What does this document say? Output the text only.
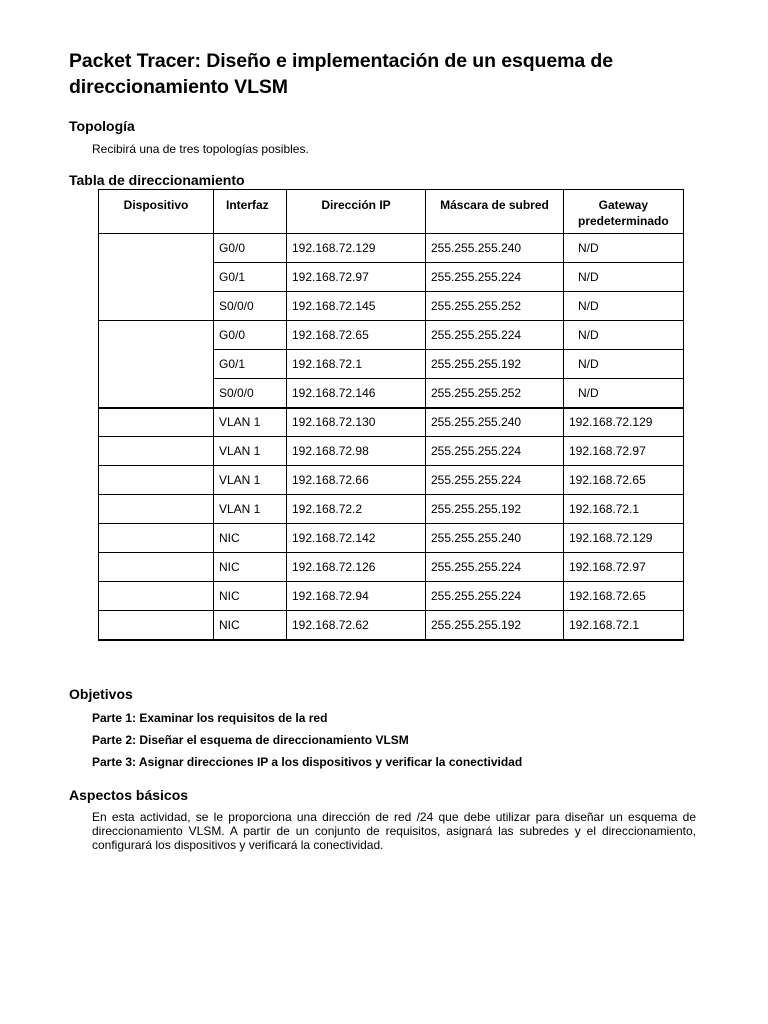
Packet Tracer: Diseño e implementación de un esquema de direccionamiento VLSM
Topología

Recibirá una de tres topologías posibles.

Tabla de direccionamiento
Dispositivo	Interfaz	Dirección IP	Máscara de subred	Gateway predeterminado
	G0/0	192.168.72.129	255.255.255.240	N/D
	G0/1	192.168.72.97	255.255.255.224	N/D
	S0/0/0	192.168.72.145	255.255.255.252	N/D
	G0/0	192.168.72.65	255.255.255.224	N/D
	G0/1	192.168.72.1	255.255.255.192	N/D
	S0/0/0	192.168.72.146	255.255.255.252	N/D
	VLAN 1	192.168.72.130	255.255.255.240	192.168.72.129
	VLAN 1	192.168.72.98	255.255.255.224	192.168.72.97
	VLAN 1	192.168.72.66	255.255.255.224	192.168.72.65
	VLAN 1	192.168.72.2	255.255.255.192	192.168.72.1
	NIC	192.168.72.142	255.255.255.240	192.168.72.129
	NIC	192.168.72.126	255.255.255.224	192.168.72.97
	NIC	192.168.72.94	255.255.255.224	192.168.72.65
	NIC	192.168.72.62	255.255.255.192	192.168.72.1
Objetivos

Parte 1: Examinar los requisitos de la red

Parte 2: Diseñar el esquema de direccionamiento VLSM

Parte 3: Asignar direcciones IP a los dispositivos y verificar la conectividad

Aspectos básicos

En esta actividad, se le proporciona una dirección de red /24 que debe utilizar para diseñar un esquema de direccionamiento VLSM. A partir de un conjunto de requisitos, asignará las subredes y el direccionamiento, configurará los dispositivos y verificará la conectividad.
